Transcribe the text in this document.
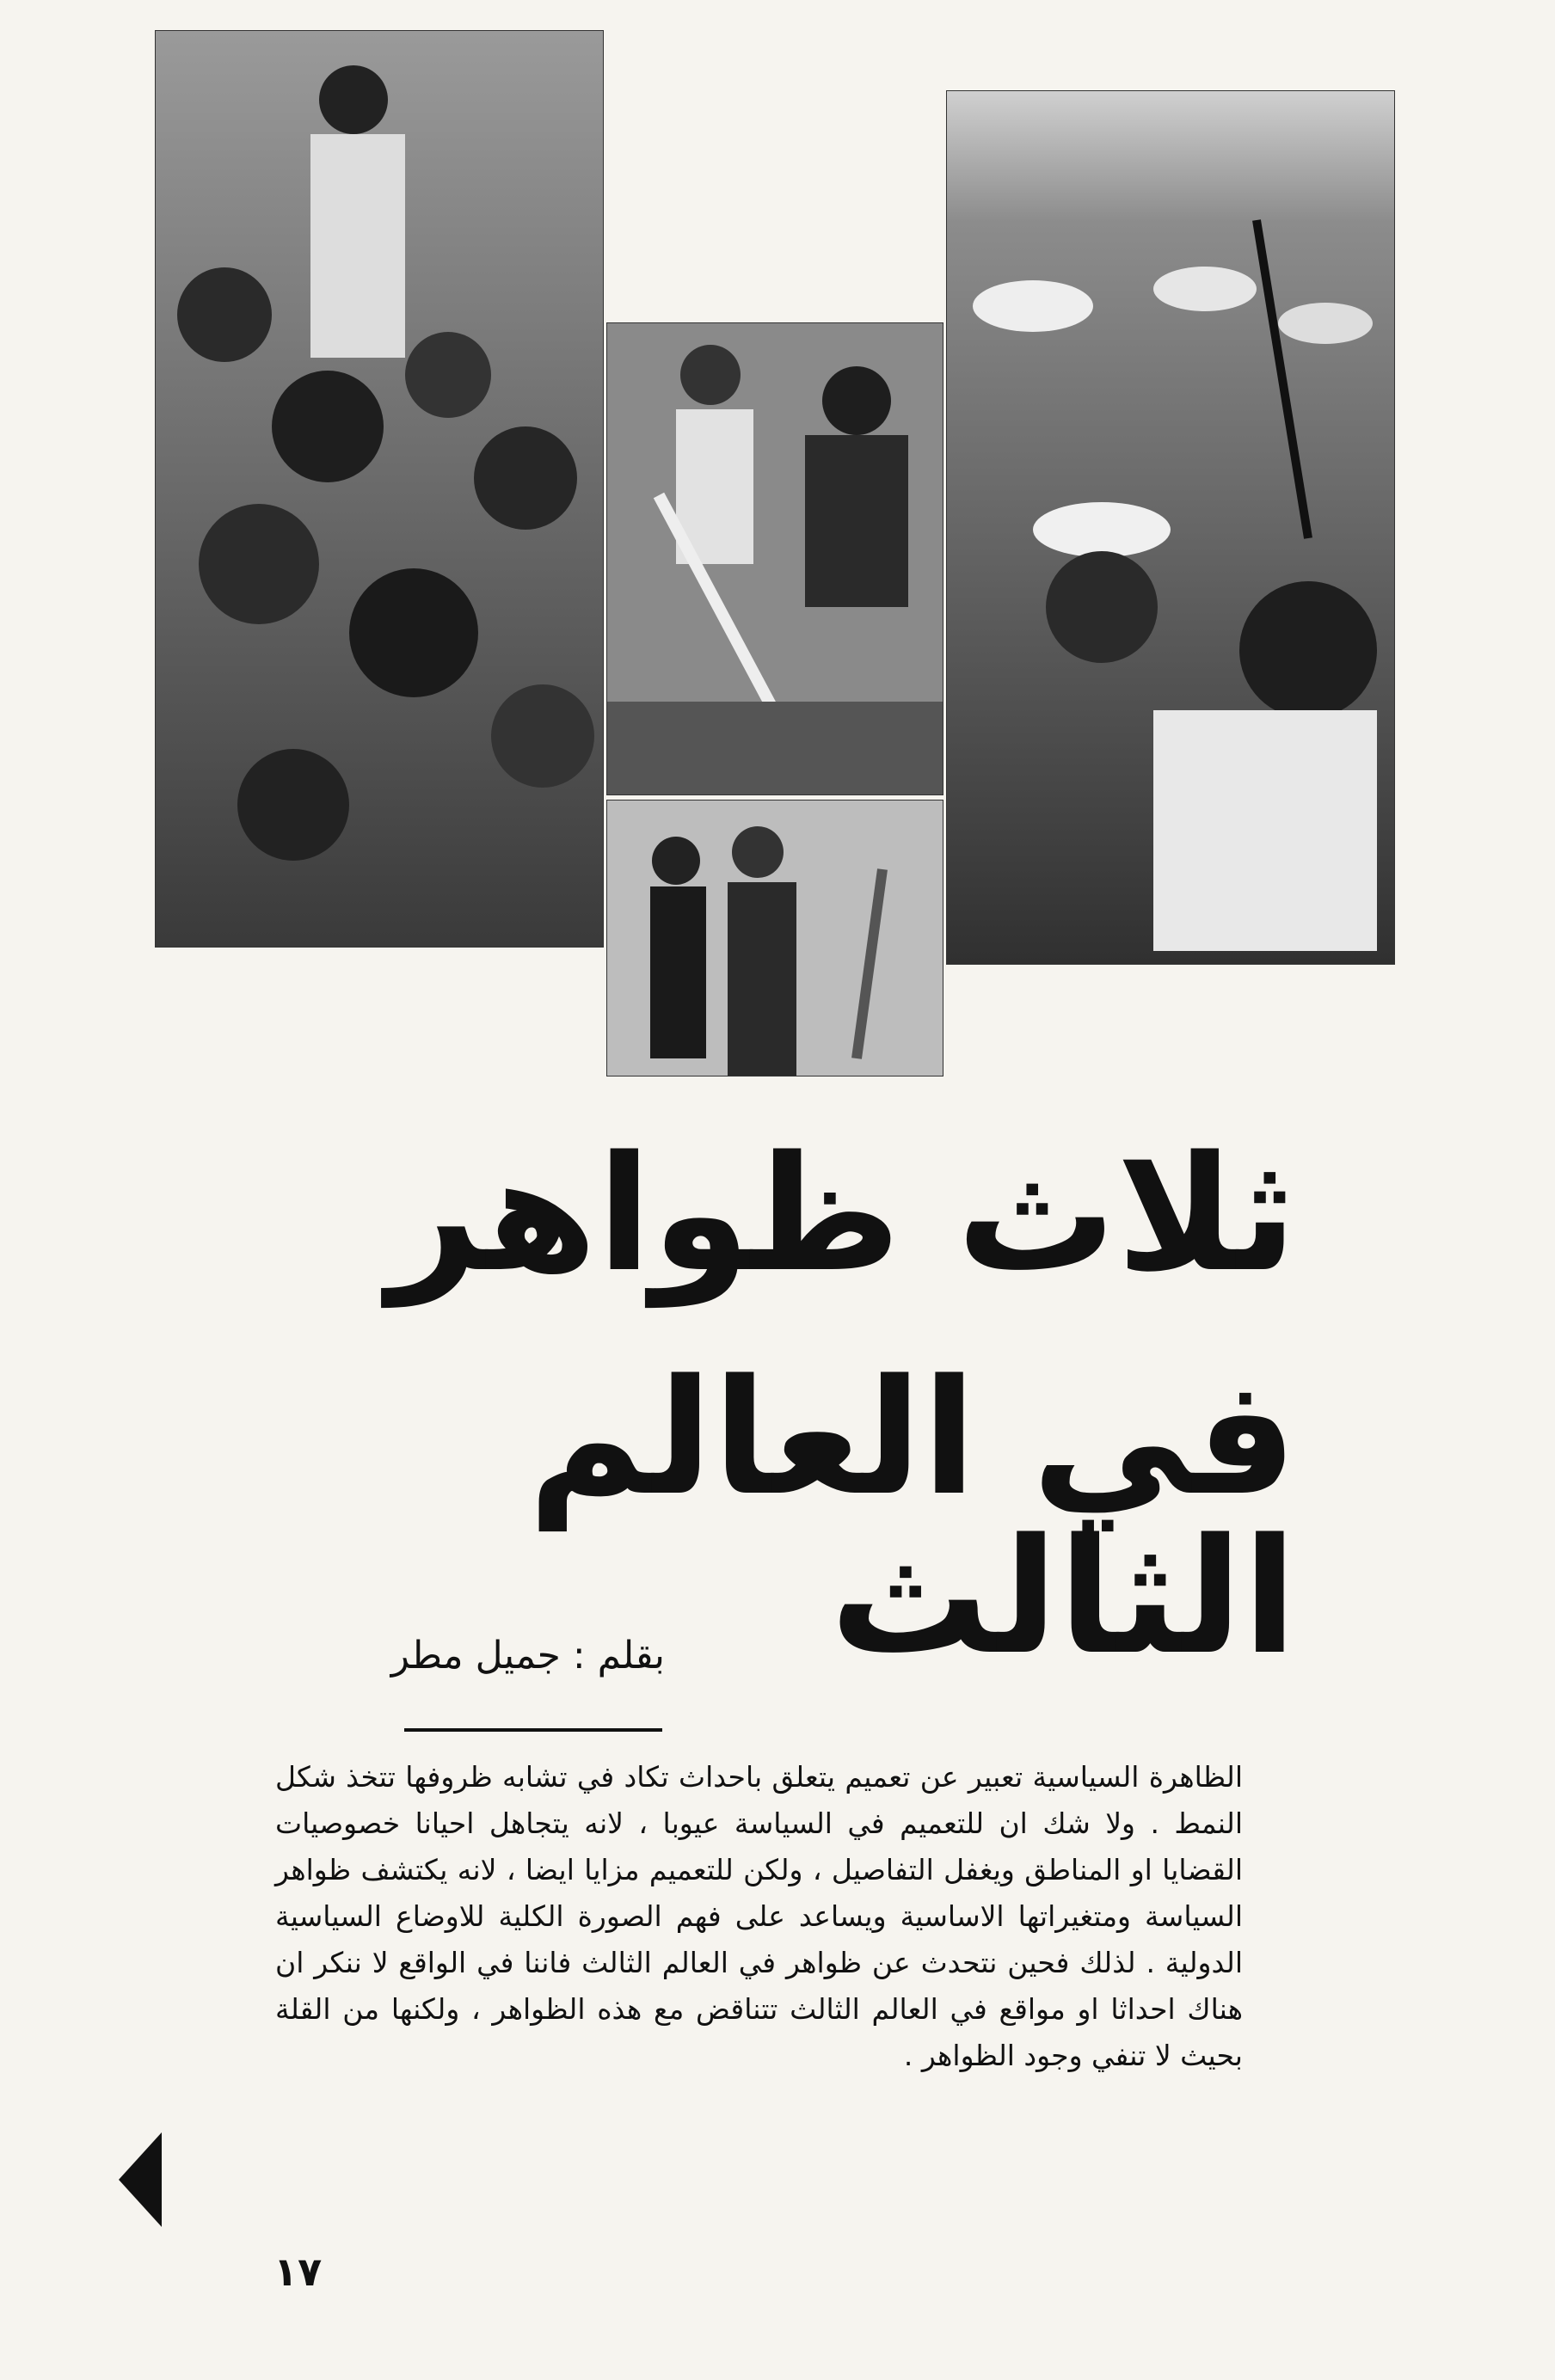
ثلاث ظواهر
في العالم الثالث
بقلم : جميل مطر

الظاهرة السياسية تعبير عن تعميم يتعلق باحداث تكاد في تشابه ظروفها تتخذ شكل النمط . ولا شك ان للتعميم في السياسة عيوبا ، لانه يتجاهل احيانا خصوصيات القضايا او المناطق ويغفل التفاصيل ، ولكن للتعميم مزايا ايضا ، لانه يكتشف ظواهر السياسة ومتغيراتها الاساسية ويساعد على فهم الصورة الكلية للاوضاع السياسية الدولية . لذلك فحين نتحدث عن ظواهر في العالم الثالث فاننا في الواقع لا ننكر ان هناك احداثا او مواقع في العالم الثالث تتناقض مع هذه الظواهر ، ولكنها من القلة بحيث لا تنفي وجود الظواهر .

١٧
